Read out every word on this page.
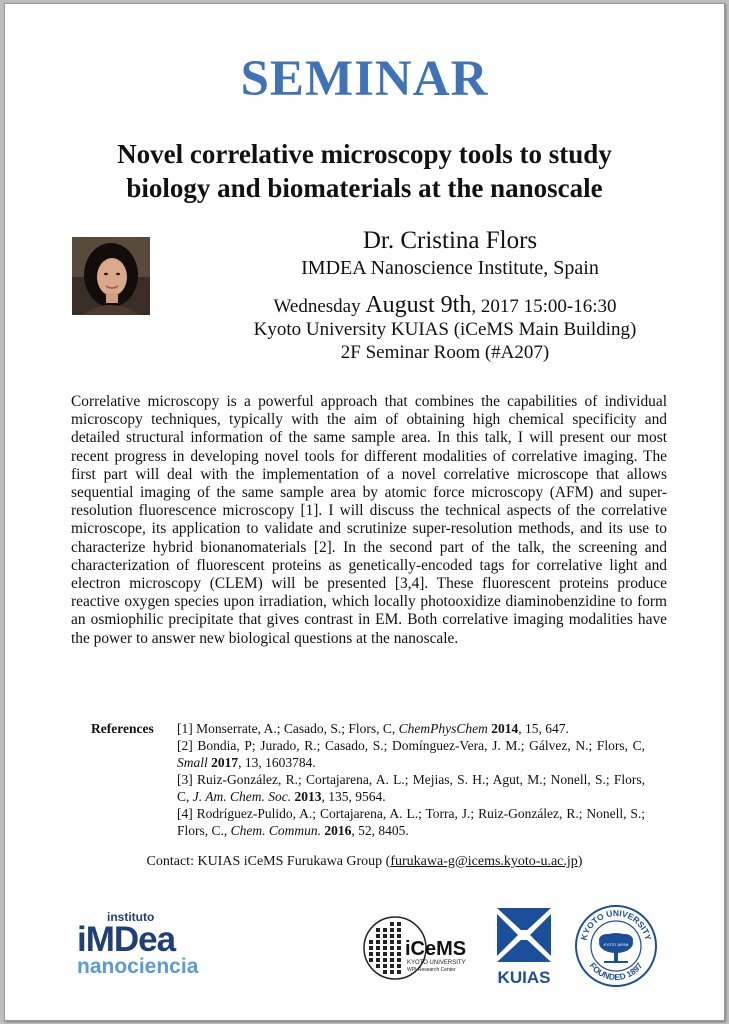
SEMINAR
Novel correlative microscopy tools to study
biology and biomaterials at the nanoscale
Dr. Cristina Flors
IMDEA Nanoscience Institute, Spain
Wednesday August 9th, 2017 15:00-16:30
Kyoto University KUIAS (iCeMS Main Building)
2F Seminar Room (#A207)
Correlative microscopy is a powerful approach that combines the capabilities of individual microscopy techniques, typically with the aim of obtaining high chemical specificity and detailed structural information of the same sample area. In this talk, I will present our most recent progress in developing novel tools for different modalities of correlative imaging. The first part will deal with the implementation of a novel correlative microscope that allows sequential imaging of the same sample area by atomic force microscopy (AFM) and super-resolution fluorescence microscopy [1]. I will discuss the technical aspects of the correlative microscope, its application to validate and scrutinize super-resolution methods, and its use to characterize hybrid bionanomaterials [2]. In the second part of the talk, the screening and characterization of fluorescent proteins as genetically-encoded tags for correlative light and electron microscopy (CLEM) will be presented [3,4]. These fluorescent proteins produce reactive oxygen species upon irradiation, which locally photooxidize diaminobenzidine to form an osmiophilic precipitate that gives contrast in EM. Both correlative imaging modalities have the power to answer new biological questions at the nanoscale.
References [1] Monserrate, A.; Casado, S.; Flors, C, ChemPhysChem 2014, 15, 647.

[2] Bondia, P; Jurado, R.; Casado, S.; Domínguez-Vera, J. M.; Gálvez, N.; Flors, C, Small 2017, 13, 1603784.

[3] Ruiz-González, R.; Cortajarena, A. L.; Mejias, S. H.; Agut, M.; Nonell, S.; Flors, C, J. Am. Chem. Soc. 2013, 135, 9564.

[4] Rodríguez-Pulido, A.; Cortajarena, A. L.; Torra, J.; Ruiz-González, R.; Nonell, S.; Flors, C., Chem. Commun. 2016, 52, 8405.

Contact: KUIAS iCeMS Furukawa Group (furukawa-g@icems.kyoto-u.ac.jp)
instituto
iMDea
nanociencia
iCeMS
KYOTO UNIVERSITY
WPI Research Center KUIAS
KYOTO UNIVERSITY
FOUNDED 1897
KYOTO JAPAN
